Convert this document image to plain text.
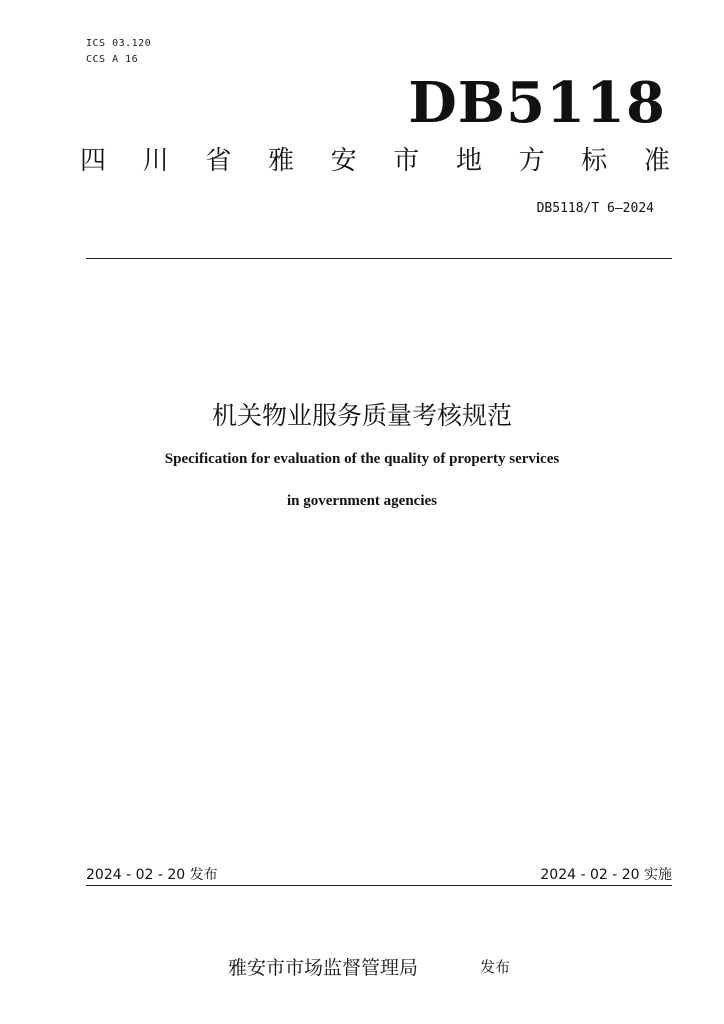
ICS 03.120
CCS A 16
DB5118
四 川 省 雅 安 市 地 方 标 准
DB5118/T 6—2024
机关物业服务质量考核规范
Specification for evaluation of the quality of property services
in government agencies
2024 - 02 - 20 发布	2024 - 02 - 20 实施
雅安市市场监督管理局	发布
